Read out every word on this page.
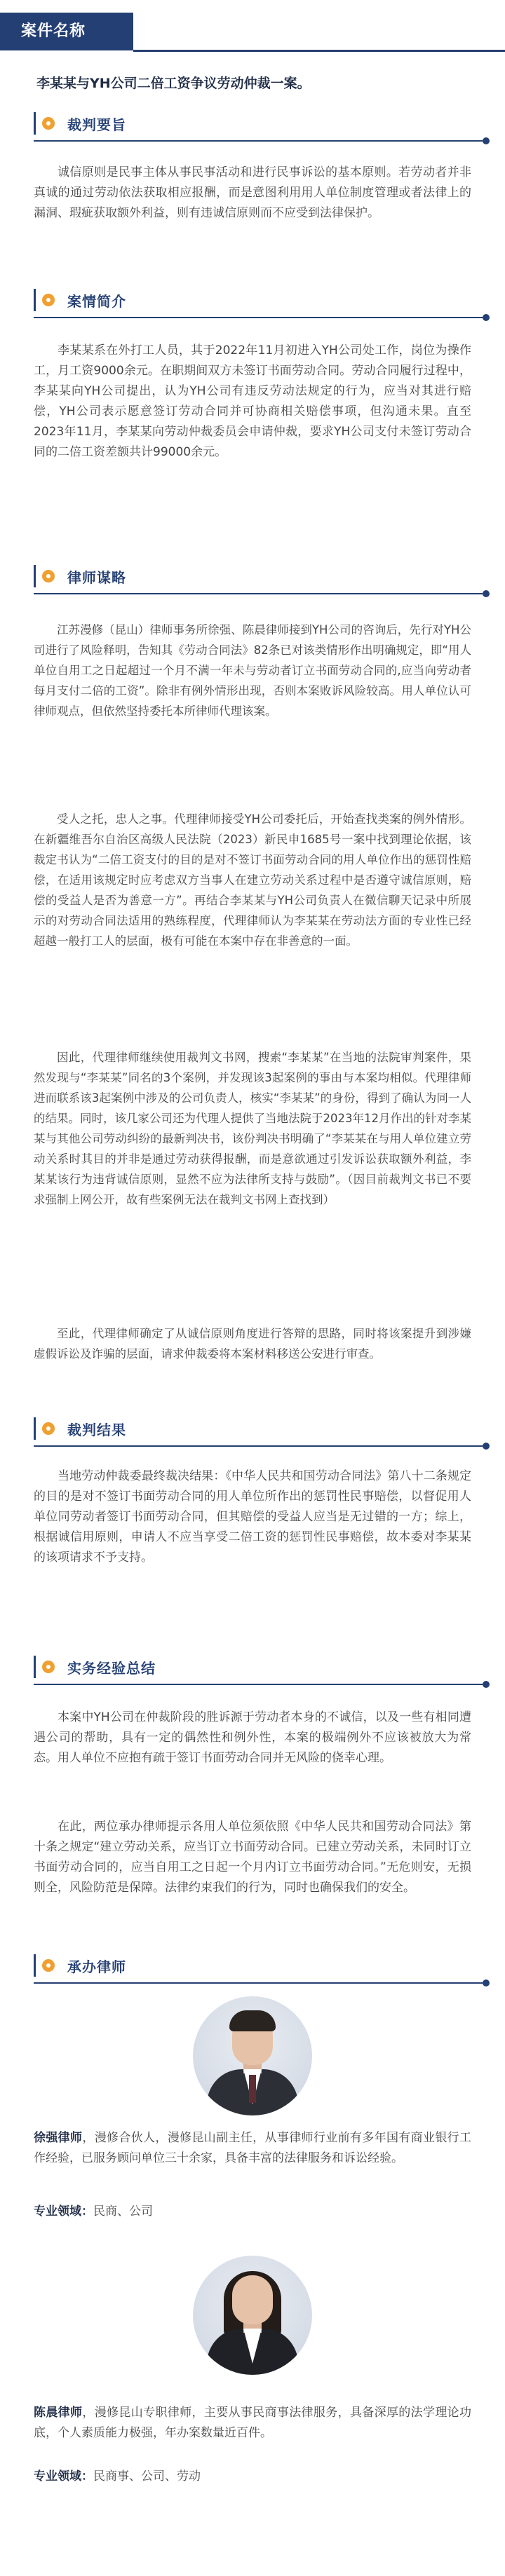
案件名称
李某某与YH公司二倍工资争议劳动仲裁一案。
裁判要旨

诚信原则是民事主体从事民事活动和进行民事诉讼的基本原则。若劳动者并非真诚的通过劳动依法获取相应报酬，而是意图利用用人单位制度管理或者法律上的漏洞、瑕疵获取额外利益，则有违诚信原则而不应受到法律保护。

案情简介

李某某系在外打工人员，其于2022年11月初进入YH公司处工作，岗位为操作工，月工资9000余元。在职期间双方未签订书面劳动合同。劳动合同履行过程中，李某某向YH公司提出，认为YH公司有违反劳动法规定的行为，应当对其进行赔偿，YH公司表示愿意签订劳动合同并可协商相关赔偿事项，但沟通未果。直至2023年11月，李某某向劳动仲裁委员会申请仲裁，要求YH公司支付未签订劳动合同的二倍工资差额共计99000余元。

律师谋略

江苏漫修（昆山）律师事务所徐强、陈晨律师接到YH公司的咨询后，先行对YH公司进行了风险释明，告知其《劳动合同法》82条已对该类情形作出明确规定，即“用人单位自用工之日起超过一个月不满一年未与劳动者订立书面劳动合同的,应当向劳动者每月支付二倍的工资”。除非有例外情形出现，否则本案败诉风险较高。用人单位认可律师观点，但依然坚持委托本所律师代理该案。

受人之托，忠人之事。代理律师接受YH公司委托后，开始查找类案的例外情形。在新疆维吾尔自治区高级人民法院（2023）新民申1685号一案中找到理论依据，该裁定书认为“二倍工资支付的目的是对不签订书面劳动合同的用人单位作出的惩罚性赔偿，在适用该规定时应考虑双方当事人在建立劳动关系过程中是否遵守诚信原则，赔偿的受益人是否为善意一方”。再结合李某某与YH公司负责人在微信聊天记录中所展示的对劳动合同法适用的熟练程度，代理律师认为李某某在劳动法方面的专业性已经超越一般打工人的层面，极有可能在本案中存在非善意的一面。

因此，代理律师继续使用裁判文书网，搜索“李某某”在当地的法院审判案件，果然发现与“李某某”同名的3个案例，并发现该3起案例的事由与本案均相似。代理律师进而联系该3起案例中涉及的公司负责人，核实“李某某”的身份，得到了确认为同一人的结果。同时，该几家公司还为代理人提供了当地法院于2023年12月作出的针对李某某与其他公司劳动纠纷的最新判决书，该份判决书明确了“李某某在与用人单位建立劳动关系时其目的并非是通过劳动获得报酬，而是意欲通过引发诉讼获取额外利益，李某某该行为违背诚信原则，显然不应为法律所支持与鼓励”。（因目前裁判文书已不要求强制上网公开，故有些案例无法在裁判文书网上查找到）

至此，代理律师确定了从诚信原则角度进行答辩的思路，同时将该案提升到涉嫌虚假诉讼及诈骗的层面，请求仲裁委将本案材料移送公安进行审查。

裁判结果

当地劳动仲裁委最终裁决结果：《中华人民共和国劳动合同法》第八十二条规定的目的是对不签订书面劳动合同的用人单位所作出的惩罚性民事赔偿，以督促用人单位同劳动者签订书面劳动合同，但其赔偿的受益人应当是无过错的一方；综上，根据诚信用原则，申请人不应当享受二倍工资的惩罚性民事赔偿，故本委对李某某的该项请求不予支持。

实务经验总结

本案中YH公司在仲裁阶段的胜诉源于劳动者本身的不诚信，以及一些有相同遭遇公司的帮助，具有一定的偶然性和例外性，本案的极端例外不应该被放大为常态。用人单位不应抱有疏于签订书面劳动合同并无风险的侥幸心理。

在此，两位承办律师提示各用人单位须依照《中华人民共和国劳动合同法》第十条之规定“建立劳动关系，应当订立书面劳动合同。已建立劳动关系，未同时订立书面劳动合同的，应当自用工之日起一个月内订立书面劳动合同。”无危则安，无损则全，风险防范是保障。法律约束我们的行为，同时也确保我们的安全。

承办律师

徐强律师，漫修合伙人，漫修昆山副主任，从事律师行业前有多年国有商业银行工作经验，已服务顾问单位三十余家，具备丰富的法律服务和诉讼经验。

专业领域：民商、公司

陈晨律师，漫修昆山专职律师，主要从事民商事法律服务，具备深厚的法学理论功底，个人素质能力极强，年办案数量近百件。

专业领域：民商事、公司、劳动
